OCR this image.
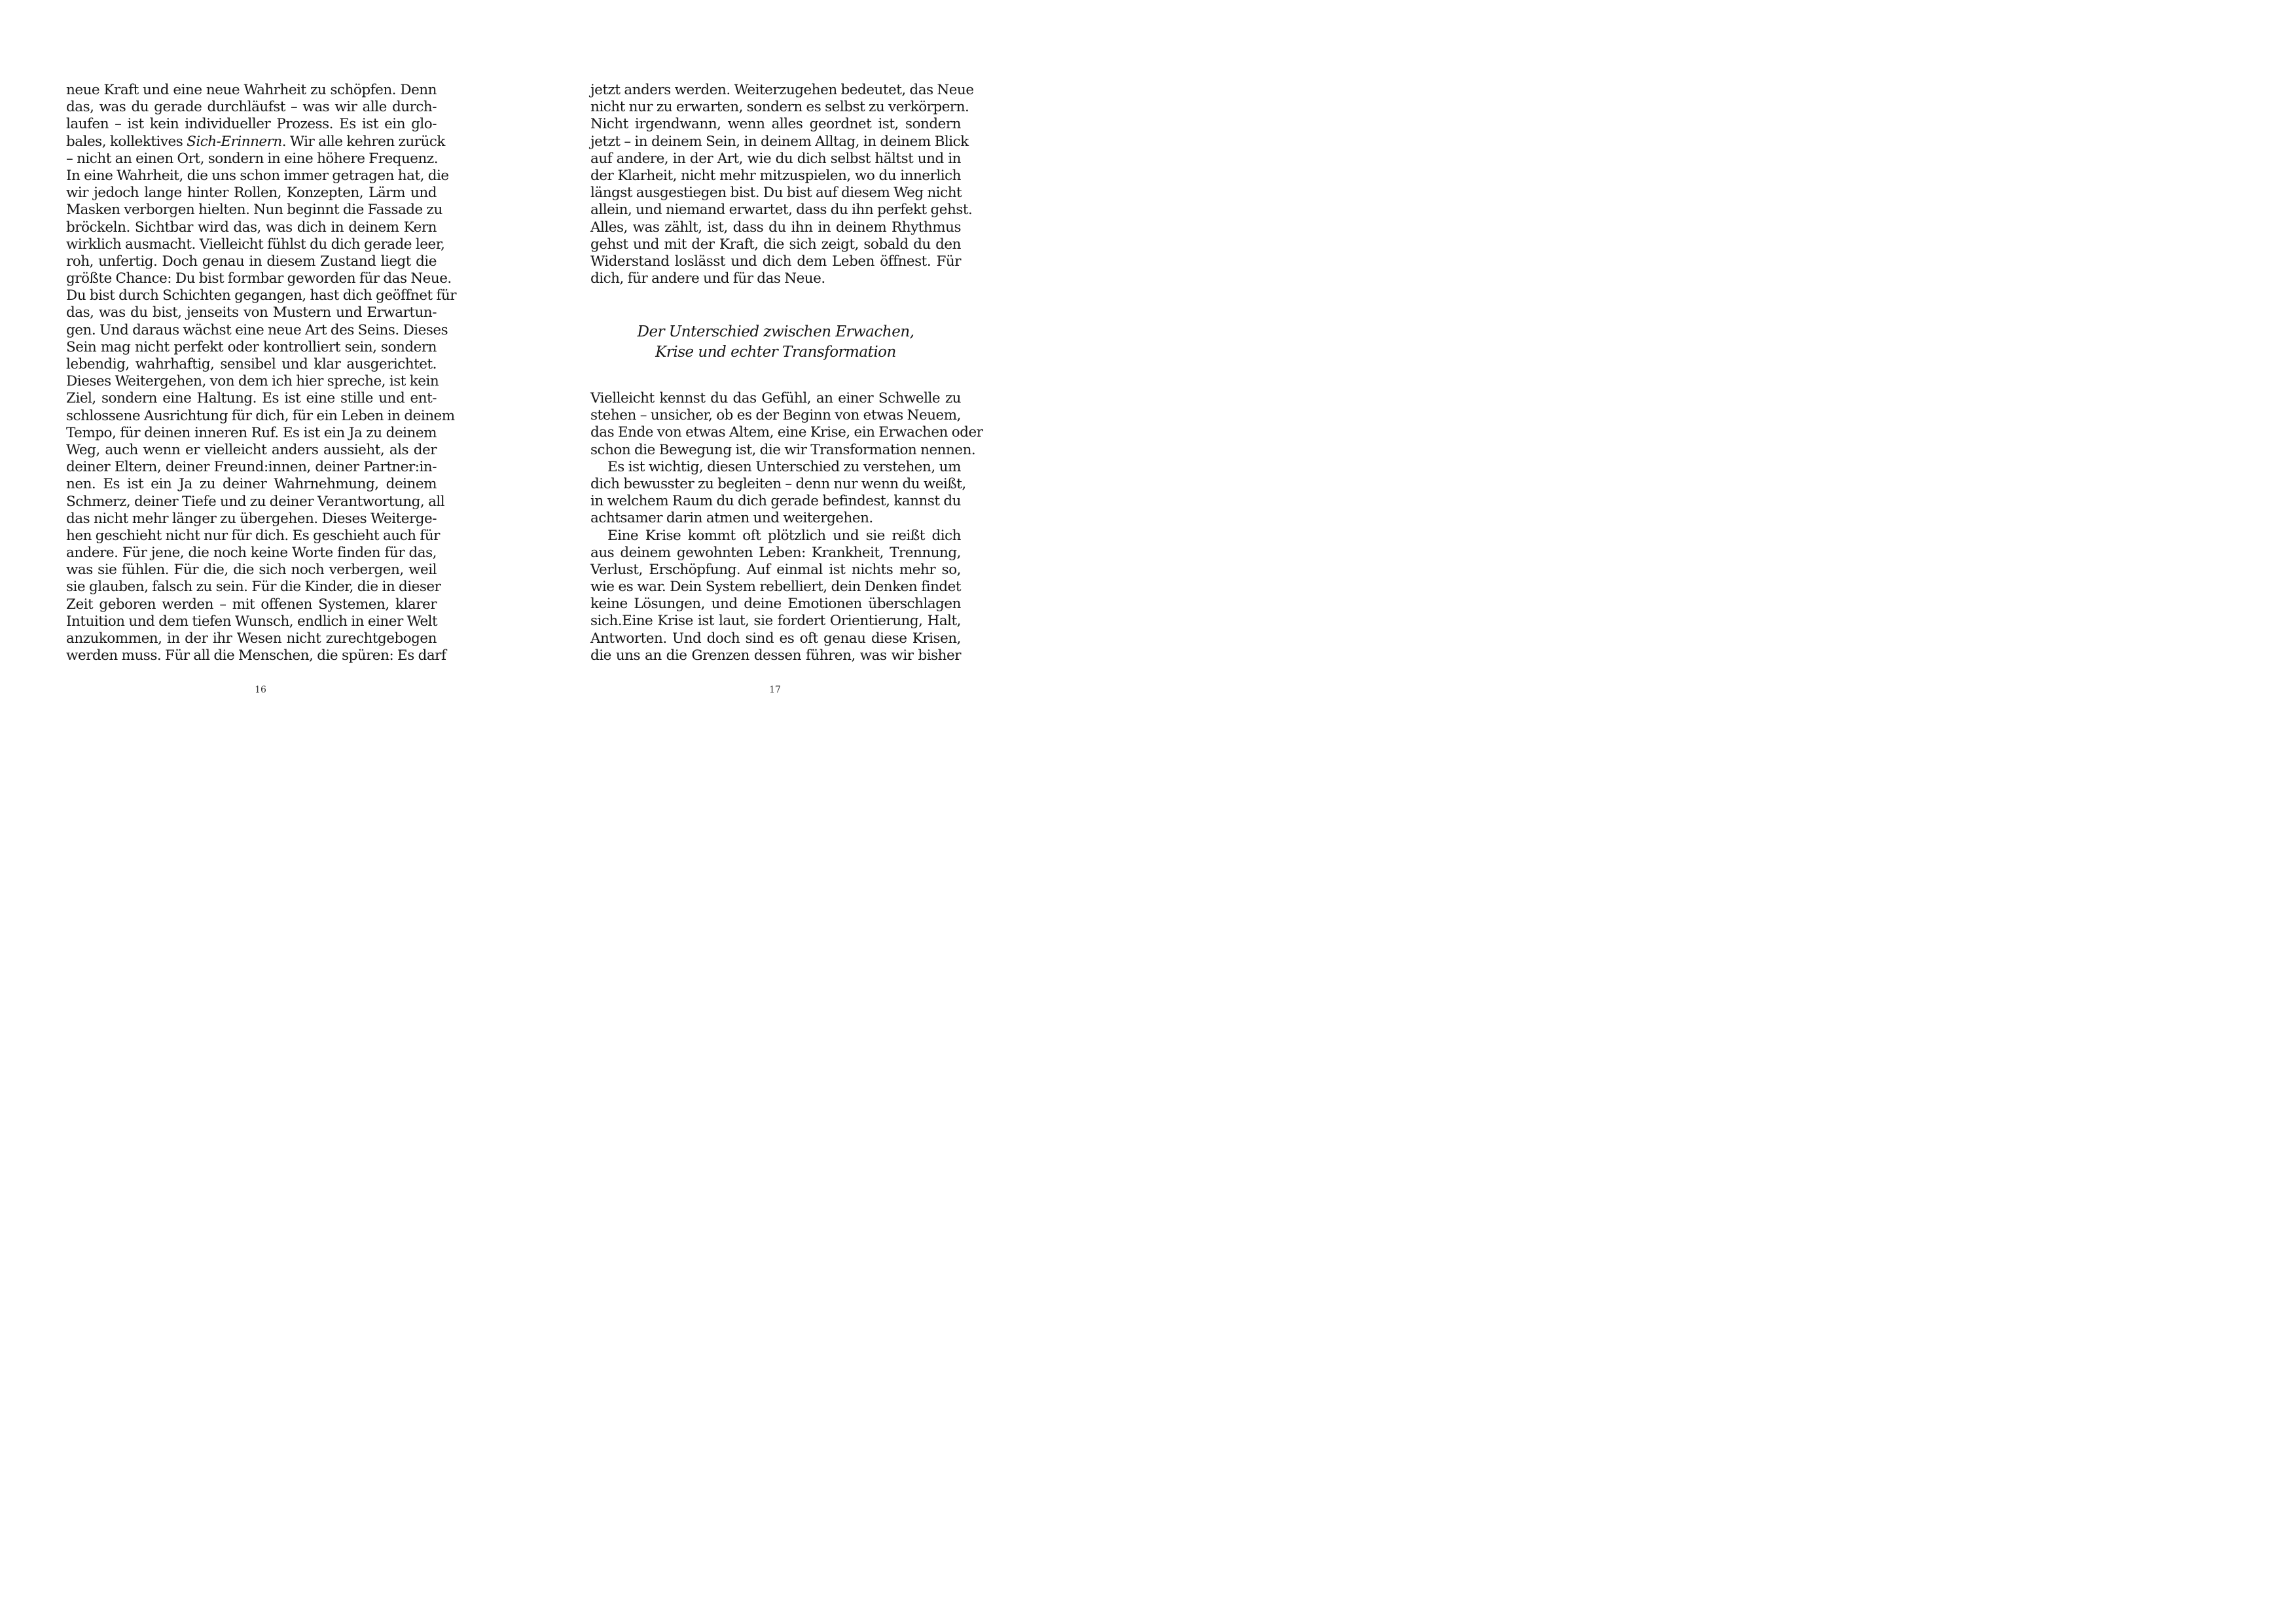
neue Kraft und eine neue Wahrheit zu schöpfen. Denn
das, was du gerade durchläufst – was wir alle durch-
laufen – ist kein individueller Prozess. Es ist ein glo-
bales, kollektives Sich-Erinnern. Wir alle kehren zurück
– nicht an einen Ort, sondern in eine höhere Frequenz.
In eine Wahrheit, die uns schon immer getragen hat, die
wir jedoch lange hinter Rollen, Konzepten, Lärm und
Masken verborgen hielten. Nun beginnt die Fassade zu
bröckeln. Sichtbar wird das, was dich in deinem Kern
wirklich ausmacht. Vielleicht fühlst du dich gerade leer,
roh, unfertig. Doch genau in diesem Zustand liegt die
größte Chance: Du bist formbar geworden für das Neue.
Du bist durch Schichten gegangen, hast dich geöffnet für
das, was du bist, jenseits von Mustern und Erwartun-
gen. Und daraus wächst eine neue Art des Seins. Dieses
Sein mag nicht perfekt oder kontrolliert sein, sondern
lebendig, wahrhaftig, sensibel und klar ausgerichtet.
Dieses Weitergehen, von dem ich hier spreche, ist kein
Ziel, sondern eine Haltung. Es ist eine stille und ent-
schlossene Ausrichtung für dich, für ein Leben in deinem
Tempo, für deinen inneren Ruf. Es ist ein Ja zu deinem
Weg, auch wenn er vielleicht anders aussieht, als der
deiner Eltern, deiner Freund:innen, deiner Partner:in-
nen. Es ist ein Ja zu deiner Wahrnehmung, deinem
Schmerz, deiner Tiefe und zu deiner Verantwortung, all
das nicht mehr länger zu übergehen. Dieses Weiterge-
hen geschieht nicht nur für dich. Es geschieht auch für
andere. Für jene, die noch keine Worte finden für das,
was sie fühlen. Für die, die sich noch verbergen, weil
sie glauben, falsch zu sein. Für die Kinder, die in dieser
Zeit geboren werden – mit offenen Systemen, klarer
Intuition und dem tiefen Wunsch, endlich in einer Welt
anzukommen, in der ihr Wesen nicht zurechtgebogen
werden muss. Für all die Menschen, die spüren: Es darf
16
jetzt anders werden. Weiterzugehen bedeutet, das Neue
nicht nur zu erwarten, sondern es selbst zu verkörpern.
Nicht irgendwann, wenn alles geordnet ist, sondern
jetzt – in deinem Sein, in deinem Alltag, in deinem Blick
auf andere, in der Art, wie du dich selbst hältst und in
der Klarheit, nicht mehr mitzuspielen, wo du innerlich
längst ausgestiegen bist. Du bist auf diesem Weg nicht
allein, und niemand erwartet, dass du ihn perfekt gehst.
Alles, was zählt, ist, dass du ihn in deinem Rhythmus
gehst und mit der Kraft, die sich zeigt, sobald du den
Widerstand loslässt und dich dem Leben öffnest. Für
dich, für andere und für das Neue.
Der Unterschied zwischen Erwachen,
Krise und echter Transformation
Vielleicht kennst du das Gefühl, an einer Schwelle zu
stehen – unsicher, ob es der Beginn von etwas Neuem,
das Ende von etwas Altem, eine Krise, ein Erwachen oder
schon die Bewegung ist, die wir Transformation nennen.
Es ist wichtig, diesen Unterschied zu verstehen, um
dich bewusster zu begleiten – denn nur wenn du weißt,
in welchem Raum du dich gerade befindest, kannst du
achtsamer darin atmen und weitergehen.
Eine Krise kommt oft plötzlich und sie reißt dich
aus deinem gewohnten Leben: Krankheit, Trennung,
Verlust, Erschöpfung. Auf einmal ist nichts mehr so,
wie es war. Dein System rebelliert, dein Denken findet
keine Lösungen, und deine Emotionen überschlagen
sich.Eine Krise ist laut, sie fordert Orientierung, Halt,
Antworten. Und doch sind es oft genau diese Krisen,
die uns an die Grenzen dessen führen, was wir bisher
17
